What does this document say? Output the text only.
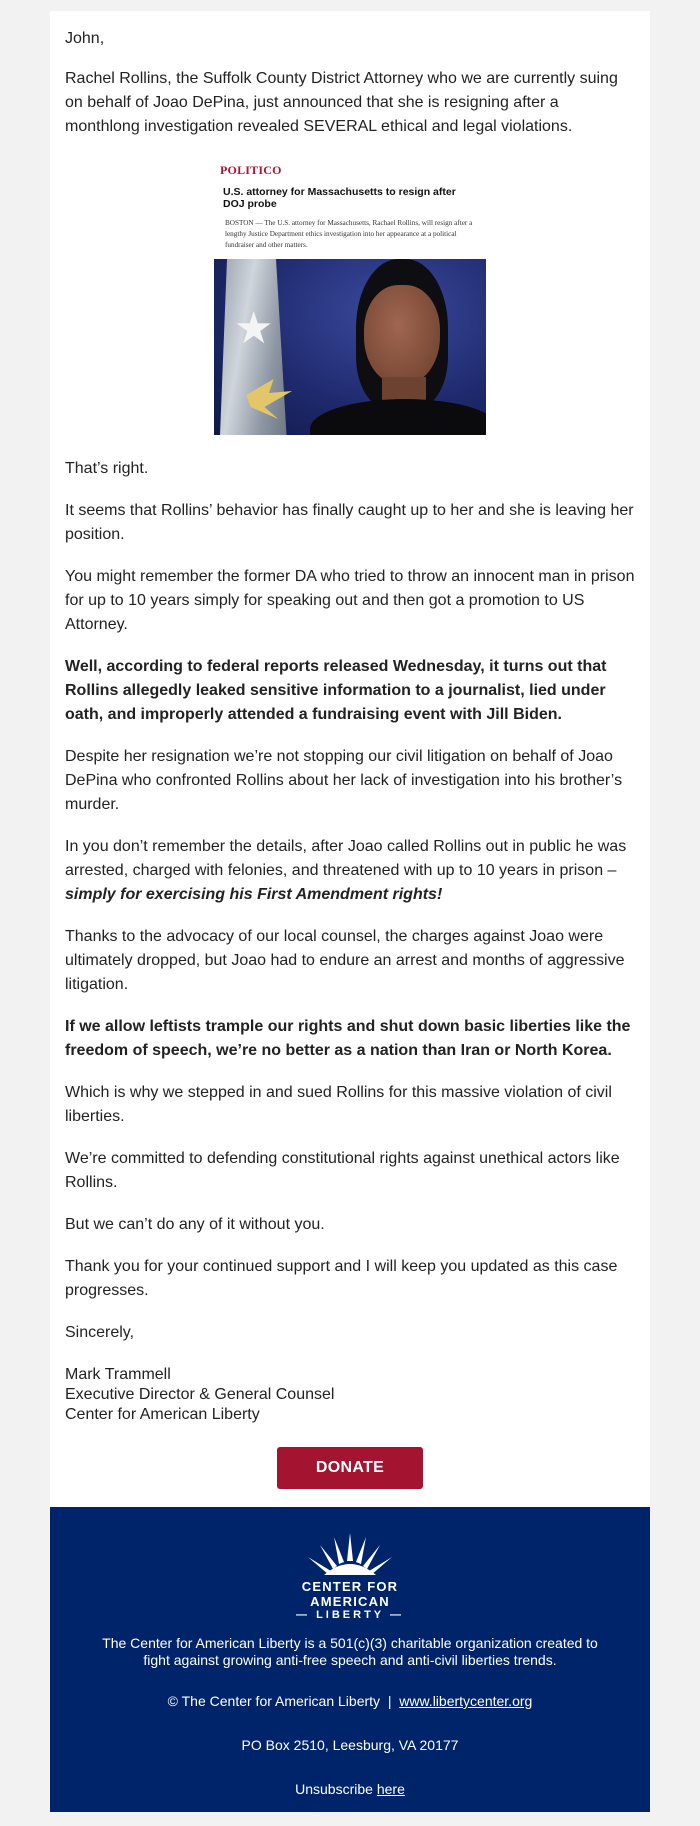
John,

Rachel Rollins, the Suffolk County District Attorney who we are currently suing on behalf of Joao DePina, just announced that she is resigning after a monthlong investigation revealed SEVERAL ethical and legal violations.

POLITICO
U.S. attorney for Massachusetts to resign after DOJ probe
BOSTON — The U.S. attorney for Massachusetts, Rachael Rollins, will resign after a lengthy Justice Department ethics investigation into her appearance at a political fundraiser and other matters.
★

That’s right.

It seems that Rollins’ behavior has finally caught up to her and she is leaving her position.

You might remember the former DA who tried to throw an innocent man in prison for up to 10 years simply for speaking out and then got a promotion to US Attorney.

Well, according to federal reports released Wednesday, it turns out that Rollins allegedly leaked sensitive information to a journalist, lied under oath, and improperly attended a fundraising event with Jill Biden.

Despite her resignation we’re not stopping our civil litigation on behalf of Joao DePina who confronted Rollins about her lack of investigation into his brother’s murder.

In you don’t remember the details, after Joao called Rollins out in public he was arrested, charged with felonies, and threatened with up to 10 years in prison – simply for exercising his First Amendment rights!

Thanks to the advocacy of our local counsel, the charges against Joao were ultimately dropped, but Joao had to endure an arrest and months of aggressive litigation.

If we allow leftists trample our rights and shut down basic liberties like the freedom of speech, we’re no better as a nation than Iran or North Korea.

Which is why we stepped in and sued Rollins for this massive violation of civil liberties.

We’re committed to defending constitutional rights against unethical actors like Rollins.

But we can’t do any of it without you.

Thank you for your continued support and I will keep you updated as this case progresses.

Sincerely,

Mark Trammell
Executive Director & General Counsel
Center for American Liberty
DONATE
CENTER FOR AMERICAN
— LIBERTY —

The Center for American Liberty is a 501(c)(3) charitable organization created to fight against growing anti-free speech and anti-civil liberties trends.

© The Center for American Liberty | www.libertycenter.org

PO Box 2510, Leesburg, VA 20177

Unsubscribe here
